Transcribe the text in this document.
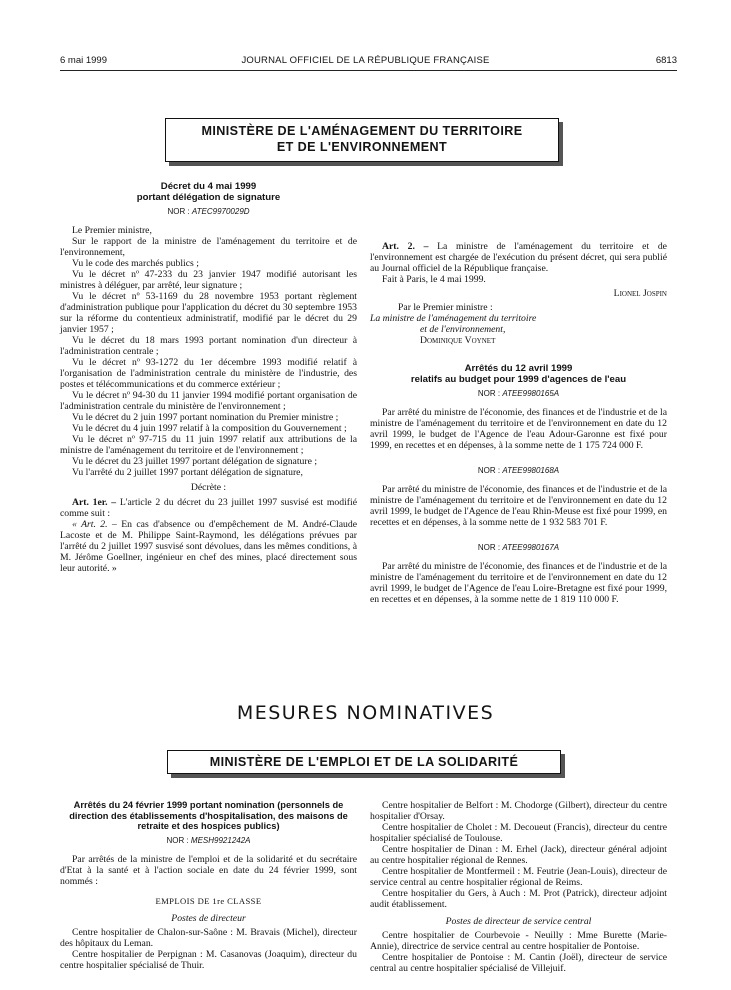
6 mai 1999	JOURNAL OFFICIEL DE LA RÉPUBLIQUE FRANÇAISE	6813
MINISTÈRE DE L'AMÉNAGEMENT DU TERRITOIRE
ET DE L'ENVIRONNEMENT
Décret du 4 mai 1999
portant délégation de signature
NOR : ATEC9970029D

Le Premier ministre,

Sur le rapport de la ministre de l'aménagement du territoire et de l'environnement,

Vu le code des marchés publics ;

Vu le décret nº 47-233 du 23 janvier 1947 modifié autorisant les ministres à déléguer, par arrêté, leur signature ;

Vu le décret nº 53-1169 du 28 novembre 1953 portant règlement d'administration publique pour l'application du décret du 30 septembre 1953 sur la réforme du contentieux administratif, modifié par le décret du 29 janvier 1957 ;

Vu le décret du 18 mars 1993 portant nomination d'un directeur à l'administration centrale ;

Vu le décret nº 93-1272 du 1er décembre 1993 modifié relatif à l'organisation de l'administration centrale du ministère de l'industrie, des postes et télécommunications et du commerce extérieur ;

Vu le décret nº 94-30 du 11 janvier 1994 modifié portant organisation de l'administration centrale du ministère de l'environnement ;

Vu le décret du 2 juin 1997 portant nomination du Premier ministre ;

Vu le décret du 4 juin 1997 relatif à la composition du Gouvernement ;

Vu le décret nº 97-715 du 11 juin 1997 relatif aux attributions de la ministre de l'aménagement du territoire et de l'environnement ;

Vu le décret du 23 juillet 1997 portant délégation de signature ;

Vu l'arrêté du 2 juillet 1997 portant délégation de signature,

Décrète :

Art. 1er. – L'article 2 du décret du 23 juillet 1997 susvisé est modifié comme suit :

« Art. 2. – En cas d'absence ou d'empêchement de M. André-Claude Lacoste et de M. Philippe Saint-Raymond, les délégations prévues par l'arrêté du 2 juillet 1997 susvisé sont dévolues, dans les mêmes conditions, à M. Jérôme Goellner, ingénieur en chef des mines, placé directement sous leur autorité. »

Art. 2. – La ministre de l'aménagement du territoire et de l'environnement est chargée de l'exécution du présent décret, qui sera publié au Journal officiel de la République française.

Fait à Paris, le 4 mai 1999.

Lionel Jospin

Par le Premier ministre :

La ministre de l'aménagement du territoire

et de l'environnement,

Dominique Voynet

Arrêtés du 12 avril 1999
relatifs au budget pour 1999 d'agences de l'eau
NOR : ATEE9980165A

Par arrêté du ministre de l'économie, des finances et de l'industrie et de la ministre de l'aménagement du territoire et de l'environnement en date du 12 avril 1999, le budget de l'Agence de l'eau Adour-Garonne est fixé pour 1999, en recettes et en dépenses, à la somme nette de 1 175 724 000 F.

NOR : ATEE9980168A

Par arrêté du ministre de l'économie, des finances et de l'industrie et de la ministre de l'aménagement du territoire et de l'environnement en date du 12 avril 1999, le budget de l'Agence de l'eau Rhin-Meuse est fixé pour 1999, en recettes et en dépenses, à la somme nette de 1 932 583 701 F.

NOR : ATEE9980167A

Par arrêté du ministre de l'économie, des finances et de l'industrie et de la ministre de l'aménagement du territoire et de l'environnement en date du 12 avril 1999, le budget de l'Agence de l'eau Loire-Bretagne est fixé pour 1999, en recettes et en dépenses, à la somme nette de 1 819 110 000 F.

MESURES NOMINATIVES
MINISTÈRE DE L'EMPLOI ET DE LA SOLIDARITÉ
Arrêtés du 24 février 1999 portant nomination (personnels de direction des établissements d'hospitalisation, des maisons de retraite et des hospices publics)
NOR : MESH9921242A

Par arrêtés de la ministre de l'emploi et de la solidarité et du secrétaire d'Etat à la santé et à l'action sociale en date du 24 février 1999, sont nommés :

EMPLOIS DE 1re CLASSE

Postes de directeur

Centre hospitalier de Chalon-sur-Saône : M. Bravais (Michel), directeur des hôpitaux du Leman.

Centre hospitalier de Perpignan : M. Casanovas (Joaquim), directeur du centre hospitalier spécialisé de Thuir.

Centre hospitalier de Belfort : M. Chodorge (Gilbert), directeur du centre hospitalier d'Orsay.

Centre hospitalier de Cholet : M. Decoueut (Francis), directeur du centre hospitalier spécialisé de Toulouse.

Centre hospitalier de Dinan : M. Erhel (Jack), directeur général adjoint au centre hospitalier régional de Rennes.

Centre hospitalier de Montfermeil : M. Feutrie (Jean-Louis), directeur de service central au centre hospitalier régional de Reims.

Centre hospitalier du Gers, à Auch : M. Prot (Patrick), directeur adjoint audit établissement.

Postes de directeur de service central

Centre hospitalier de Courbevoie - Neuilly : Mme Burette (Marie-Annie), directrice de service central au centre hospitalier de Pontoise.

Centre hospitalier de Pontoise : M. Cantin (Joël), directeur de service central au centre hospitalier spécialisé de Villejuif.
